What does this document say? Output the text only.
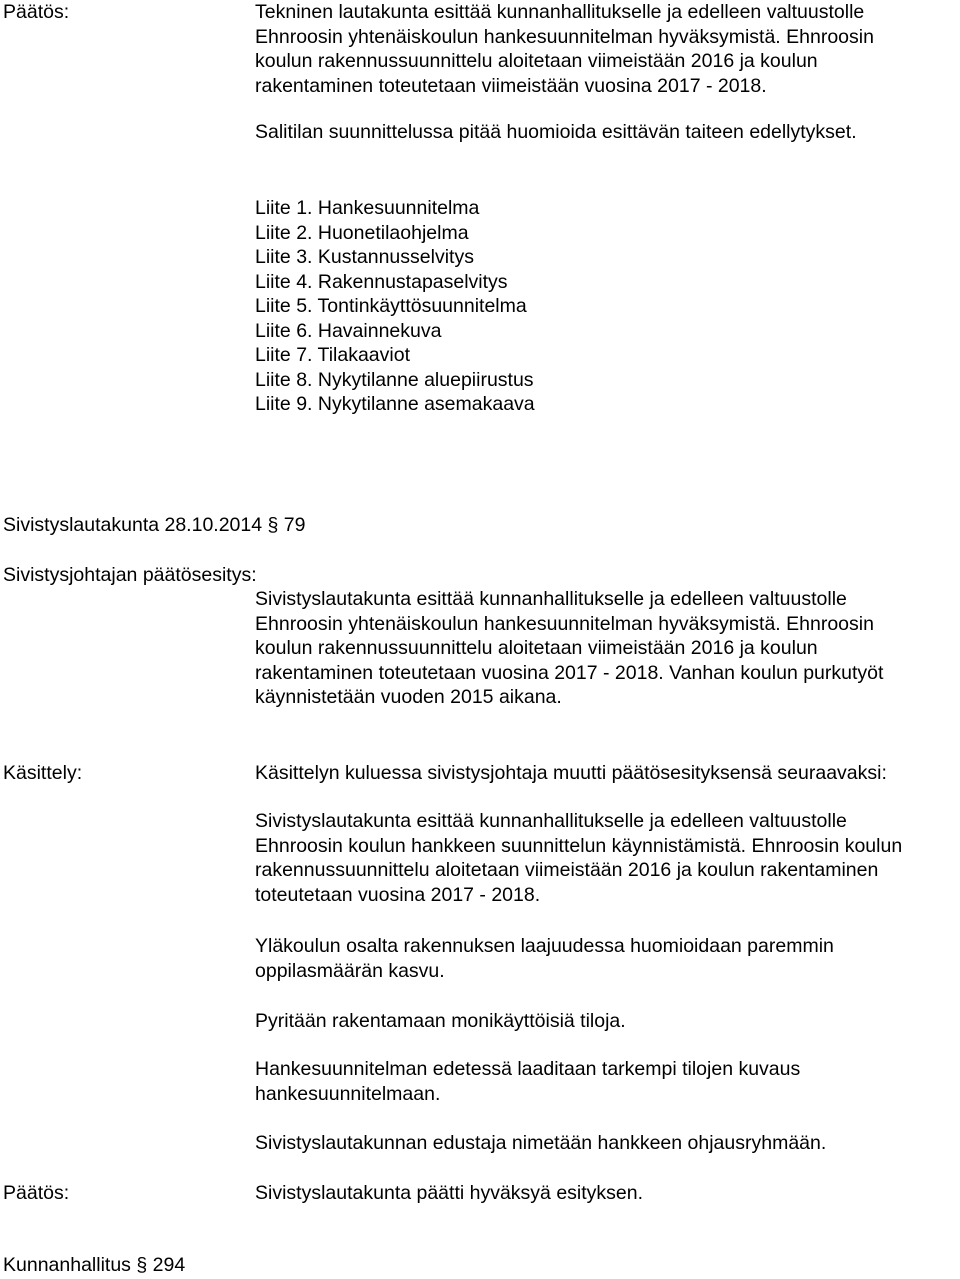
Päätös:	Tekninen lautakunta esittää kunnanhallitukselle ja edelleen valtuustolle
Ehnroosin yhtenäiskoulun hankesuunnitelman hyväksymistä. Ehnroosin
koulun rakennussuunnittelu aloitetaan viimeistään 2016 ja koulun
rakentaminen toteutetaan viimeistään vuosina 2017 - 2018.
Salitilan suunnittelussa pitää huomioida esittävän taiteen edellytykset.
Liite 1. Hankesuunnitelma
Liite 2. Huonetilaohjelma
Liite 3. Kustannusselvitys
Liite 4. Rakennustapaselvitys
Liite 5. Tontinkäyttösuunnitelma
Liite 6. Havainnekuva
Liite 7. Tilakaaviot
Liite 8. Nykytilanne aluepiirustus
Liite 9. Nykytilanne asemakaava
Sivistyslautakunta 28.10.2014 § 79
Sivistysjohtajan päätösesitys:
Sivistyslautakunta esittää kunnanhallitukselle ja edelleen valtuustolle
Ehnroosin yhtenäiskoulun hankesuunnitelman hyväksymistä. Ehnroosin
koulun rakennussuunnittelu aloitetaan viimeistään 2016 ja koulun
rakentaminen toteutetaan vuosina 2017 - 2018. Vanhan koulun purkutyöt
käynnistetään vuoden 2015 aikana.
Käsittely:	Käsittelyn kuluessa sivistysjohtaja muutti päätösesityksensä seuraavaksi:
Sivistyslautakunta esittää kunnanhallitukselle ja edelleen valtuustolle
Ehnroosin koulun hankkeen suunnittelun käynnistämistä. Ehnroosin koulun
rakennussuunnittelu aloitetaan viimeistään 2016 ja koulun rakentaminen
toteutetaan vuosina 2017 - 2018.
Yläkoulun osalta rakennuksen laajuudessa huomioidaan paremmin
oppilasmäärän kasvu.
Pyritään rakentamaan monikäyttöisiä tiloja.
Hankesuunnitelman edetessä laaditaan tarkempi tilojen kuvaus
hankesuunnitelmaan.
Sivistyslautakunnan edustaja nimetään hankkeen ohjausryhmään.
Päätös:	Sivistyslautakunta päätti hyväksyä esityksen.
Kunnanhallitus § 294
